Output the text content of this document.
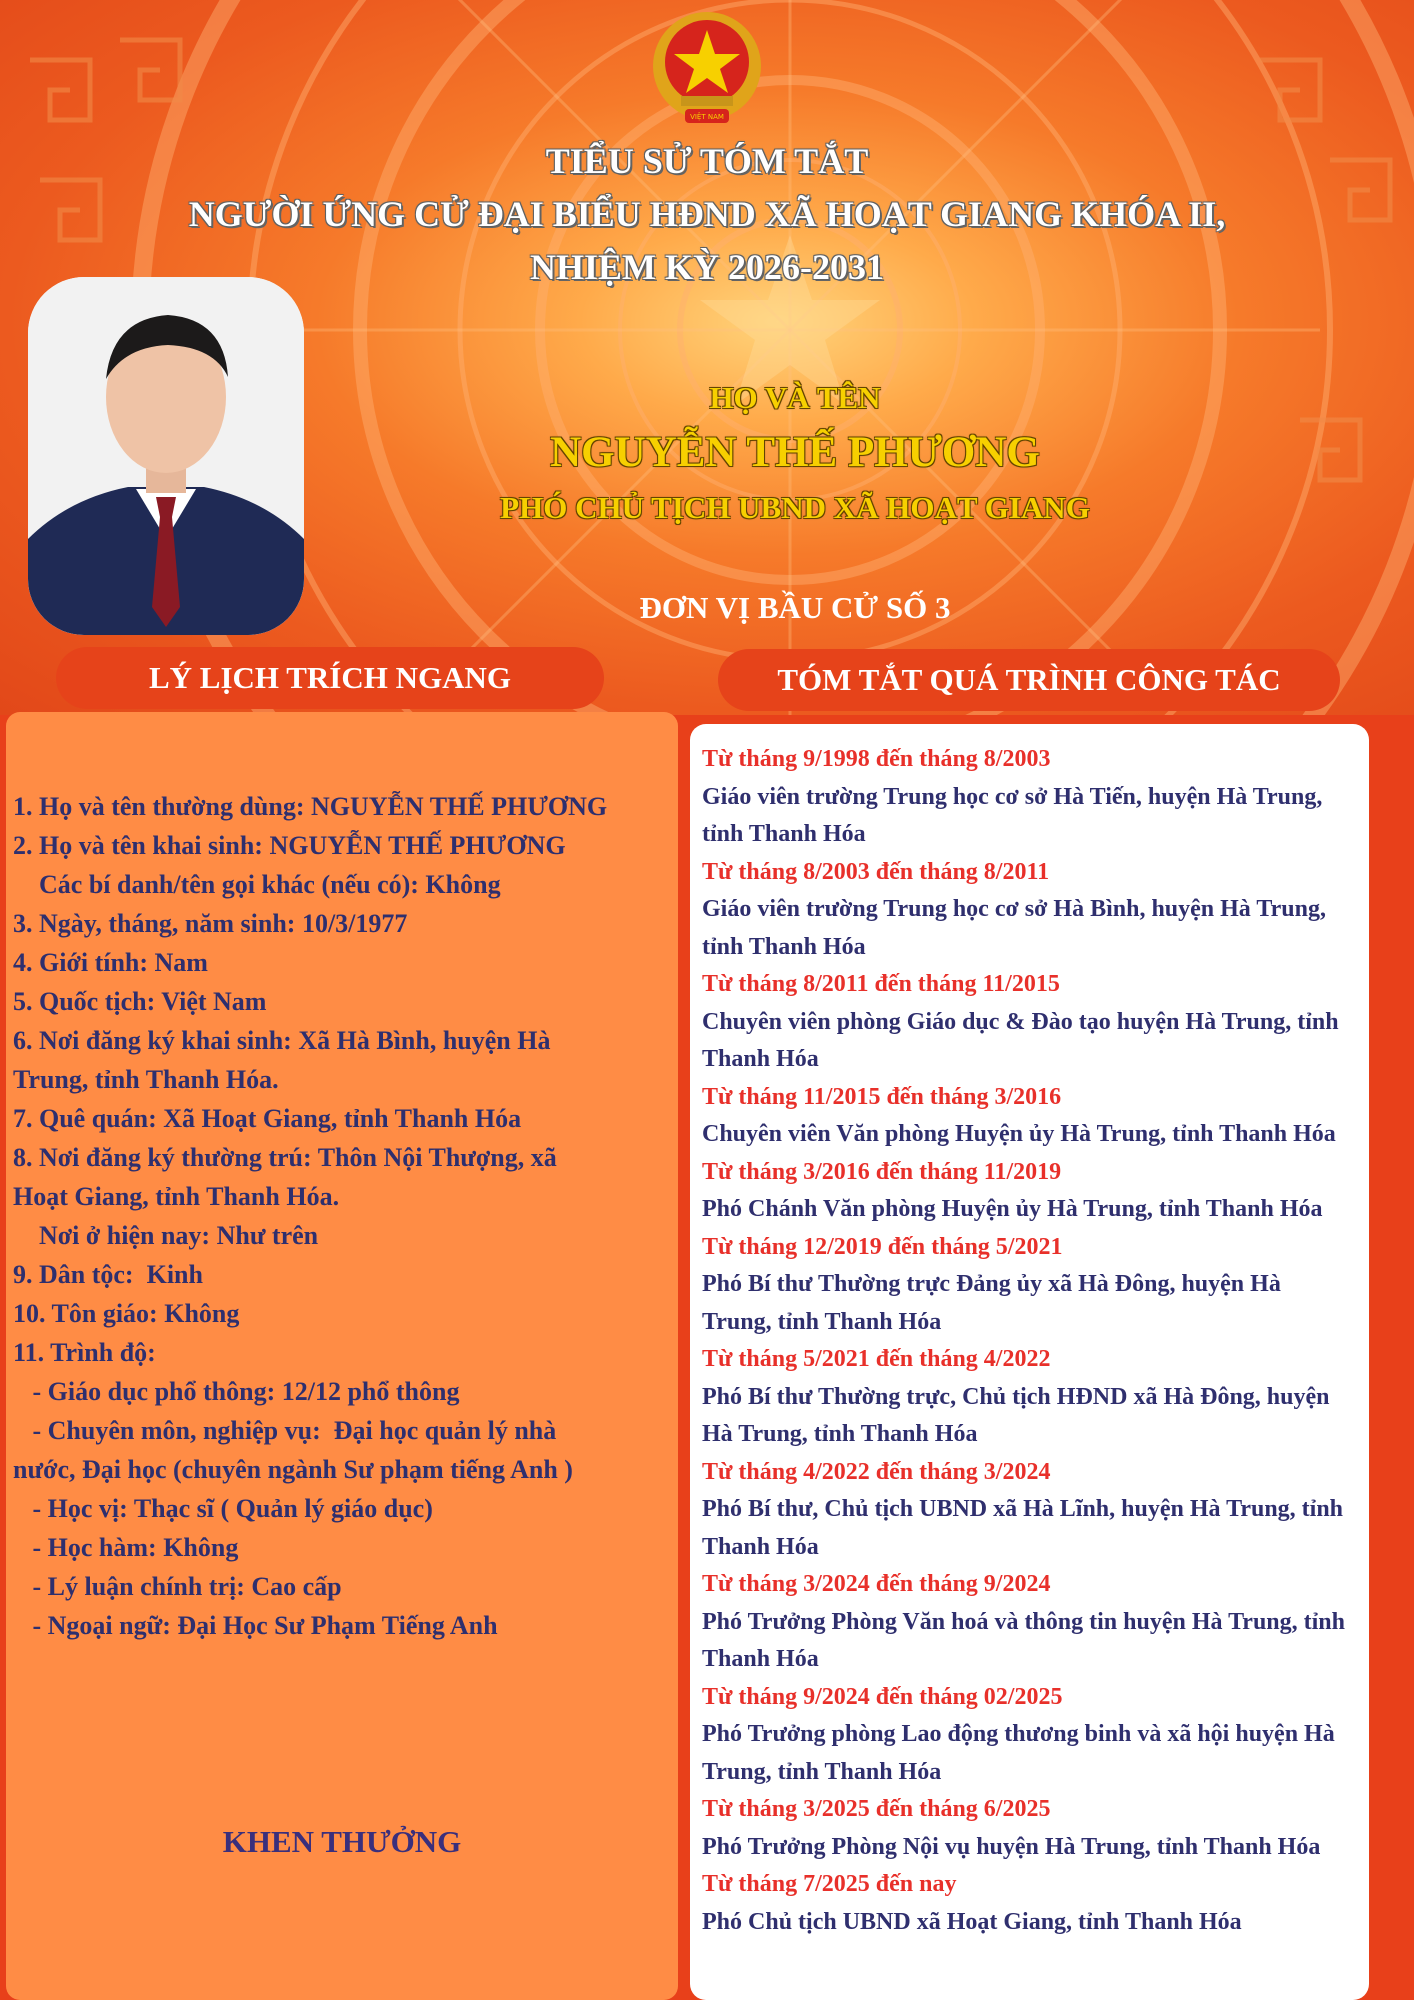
VIỆT NAM
TIỂU SỬ TÓM TẮT
NGƯỜI ỨNG CỬ ĐẠI BIỂU HĐND XÃ HOẠT GIANG KHÓA II,
NHIỆM KỲ 2026-2031
HỌ VÀ TÊN
NGUYỄN THẾ PHƯƠNG
PHÓ CHỦ TỊCH UBND XÃ HOẠT GIANG
ĐƠN VỊ BẦU CỬ SỐ 3
LÝ LỊCH TRÍCH NGANG	TÓM TẮT QUÁ TRÌNH CÔNG TÁC
1. Họ và tên thường dùng: NGUYỄN THẾ PHƯƠNG
2. Họ và tên khai sinh: NGUYỄN THẾ PHƯƠNG
Các bí danh/tên gọi khác (nếu có): Không
3. Ngày, tháng, năm sinh: 10/3/1977
4. Giới tính: Nam
5. Quốc tịch: Việt Nam
6. Nơi đăng ký khai sinh: Xã Hà Bình, huyện Hà
Trung, tỉnh Thanh Hóa.
7. Quê quán: Xã Hoạt Giang, tỉnh Thanh Hóa
8. Nơi đăng ký thường trú: Thôn Nội Thượng, xã
Hoạt Giang, tỉnh Thanh Hóa.
Nơi ở hiện nay: Như trên
9. Dân tộc:  Kinh
10. Tôn giáo: Không
11. Trình độ:
- Giáo dục phổ thông: 12/12 phổ thông
- Chuyên môn, nghiệp vụ:  Đại học quản lý nhà
nước, Đại học (chuyên ngành Sư phạm tiếng Anh )
- Học vị: Thạc sĩ ( Quản lý giáo dục)
- Học hàm: Không
- Lý luận chính trị: Cao cấp
- Ngoại ngữ: Đại Học Sư Phạm Tiếng Anh
KHEN THƯỞNG
Từ tháng 9/1998 đến tháng 8/2003
Giáo viên trường Trung học cơ sở Hà Tiến, huyện Hà Trung,
tỉnh Thanh Hóa
Từ tháng 8/2003 đến tháng 8/2011
Giáo viên trường Trung học cơ sở Hà Bình, huyện Hà Trung,
tỉnh Thanh Hóa
Từ tháng 8/2011 đến tháng 11/2015
Chuyên viên phòng Giáo dục & Đào tạo huyện Hà Trung, tỉnh
Thanh Hóa
Từ tháng 11/2015 đến tháng 3/2016
Chuyên viên Văn phòng Huyện ủy Hà Trung, tỉnh Thanh Hóa
Từ tháng 3/2016 đến tháng 11/2019
Phó Chánh Văn phòng Huyện ủy Hà Trung, tỉnh Thanh Hóa
Từ tháng 12/2019 đến tháng 5/2021
Phó Bí thư Thường trực Đảng ủy xã Hà Đông, huyện Hà
Trung, tỉnh Thanh Hóa
Từ tháng 5/2021 đến tháng 4/2022
Phó Bí thư Thường trực, Chủ tịch HĐND xã Hà Đông, huyện
Hà Trung, tỉnh Thanh Hóa
Từ tháng 4/2022 đến tháng 3/2024
Phó Bí thư, Chủ tịch UBND xã Hà Lĩnh, huyện Hà Trung, tỉnh
Thanh Hóa
Từ tháng 3/2024 đến tháng 9/2024
Phó Trưởng Phòng Văn hoá và thông tin huyện Hà Trung, tỉnh
Thanh Hóa
Từ tháng 9/2024 đến tháng 02/2025
Phó Trưởng phòng Lao động thương binh và xã hội huyện Hà
Trung, tỉnh Thanh Hóa
Từ tháng 3/2025 đến tháng 6/2025
Phó Trưởng Phòng Nội vụ huyện Hà Trung, tỉnh Thanh Hóa
Từ tháng 7/2025 đến nay
Phó Chủ tịch UBND xã Hoạt Giang, tỉnh Thanh Hóa
